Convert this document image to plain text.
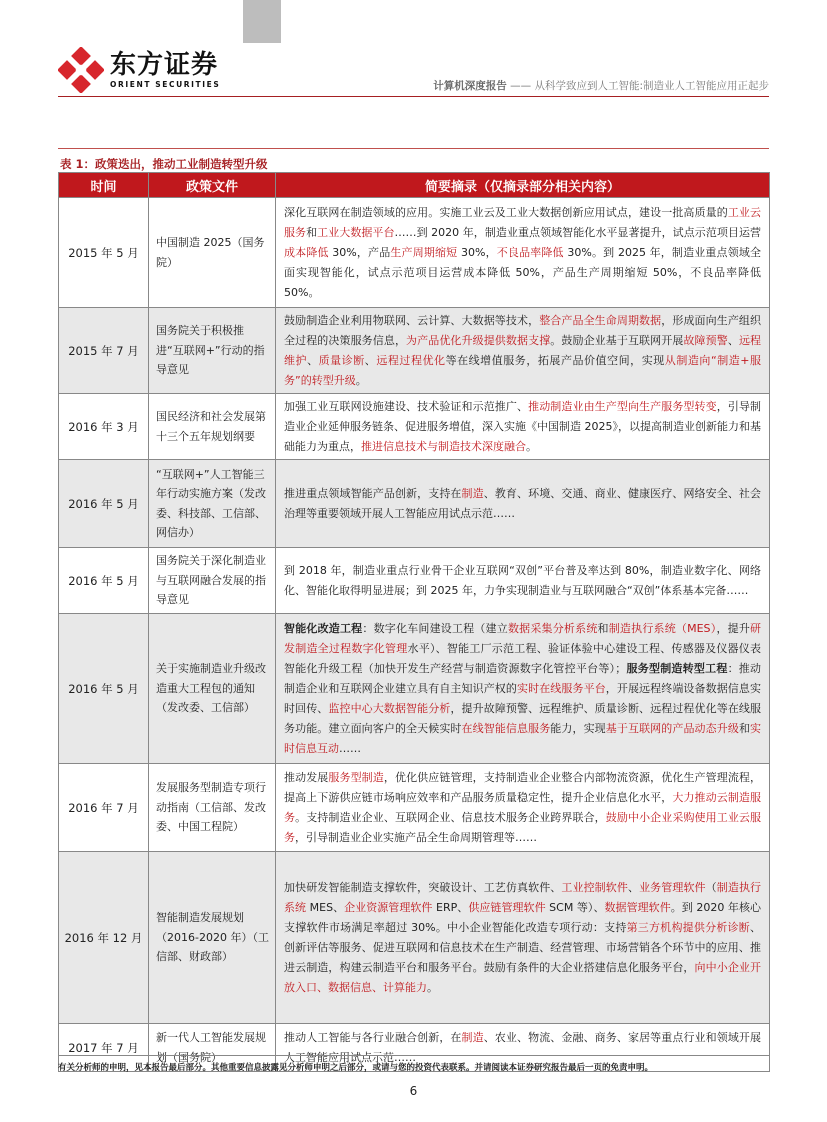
东方证券
ORIENT SECURITIES	计算机深度报告 —— 从科学致应到人工智能:制造业人工智能应用正起步
表 1：政策迭出，推动工业制造转型升级
时间	政策文件	简要摘录（仅摘录部分相关内容）
2015 年 5 月	中国制造 2025（国务院）	深化互联网在制造领域的应用。实施工业云及工业大数据创新应用试点，建设一批高质量的工业云服务和工业大数据平台……到 2020 年，制造业重点领域智能化水平显著提升，试点示范项目运营成本降低 30%，产品生产周期缩短 30%，不良品率降低 30%。到 2025 年，制造业重点领域全面实现智能化，试点示范项目运营成本降低 50%，产品生产周期缩短 50%，不良品率降低 50%。
2015 年 7 月	国务院关于积极推进“互联网+”行动的指导意见	鼓励制造企业利用物联网、云计算、大数据等技术，整合产品全生命周期数据，形成面向生产组织全过程的决策服务信息，为产品优化升级提供数据支撑。鼓励企业基于互联网开展故障预警、远程维护、质量诊断、远程过程优化等在线增值服务，拓展产品价值空间，实现从制造向“制造+服务”的转型升级。
2016 年 3 月	国民经济和社会发展第十三个五年规划纲要	加强工业互联网设施建设、技术验证和示范推广、推动制造业由生产型向生产服务型转变，引导制造业企业延伸服务链条、促进服务增值，深入实施《中国制造 2025》，以提高制造业创新能力和基础能力为重点，推进信息技术与制造技术深度融合。
2016 年 5 月	“互联网+”人工智能三年行动实施方案（发改委、科技部、工信部、网信办）	推进重点领域智能产品创新，支持在制造、教育、环境、交通、商业、健康医疗、网络安全、社会治理等重要领域开展人工智能应用试点示范……
2016 年 5 月	国务院关于深化制造业与互联网融合发展的指导意见	到 2018 年，制造业重点行业骨干企业互联网“双创”平台普及率达到 80%，制造业数字化、网络化、智能化取得明显进展；到 2025 年，力争实现制造业与互联网融合“双创”体系基本完备……
2016 年 5 月	关于实施制造业升级改造重大工程包的通知（发改委、工信部）	智能化改造工程：数字化车间建设工程（建立数据采集分析系统和制造执行系统（MES），提升研发制造全过程数字化管理水平）、智能工厂示范工程、验证体验中心建设工程、传感器及仪器仪表智能化升级工程（加快开发生产经营与制造资源数字化管控平台等）；服务型制造转型工程：推动制造企业和互联网企业建立具有自主知识产权的实时在线服务平台，开展远程终端设备数据信息实时回传、监控中心大数据智能分析，提升故障预警、远程维护、质量诊断、远程过程优化等在线服务功能。建立面向客户的全天候实时在线智能信息服务能力，实现基于互联网的产品动态升级和实时信息互动……
2016 年 7 月	发展服务型制造专项行动指南（工信部、发改委、中国工程院）	推动发展服务型制造，优化供应链管理，支持制造业企业整合内部物流资源，优化生产管理流程，提高上下游供应链市场响应效率和产品服务质量稳定性，提升企业信息化水平，大力推动云制造服务。支持制造业企业、互联网企业、信息技术服务企业跨界联合，鼓励中小企业采购使用工业云服务，引导制造业企业实施产品全生命周期管理等……
2016 年 12 月	智能制造发展规划（2016-2020 年）（工信部、财政部）	加快研发智能制造支撑软件，突破设计、工艺仿真软件、工业控制软件、业务管理软件（制造执行系统 MES、企业资源管理软件 ERP、供应链管理软件 SCM 等）、数据管理软件。到 2020 年核心支撑软件市场满足率超过 30%。中小企业智能化改造专项行动：支持第三方机构提供分析诊断、创新评估等服务、促进互联网和信息技术在生产制造、经营管理、市场营销各个环节中的应用、推进云制造，构建云制造平台和服务平台。鼓励有条件的大企业搭建信息化服务平台，向中小企业开放入口、数据信息、计算能力。
2017 年 7 月	新一代人工智能发展规划（国务院）	推动人工智能与各行业融合创新，在制造、农业、物流、金融、商务、家居等重点行业和领域开展人工智能应用试点示范……
有关分析师的申明，见本报告最后部分。其他重要信息披露见分析师申明之后部分，或请与您的投资代表联系。并请阅读本证券研究报告最后一页的免责申明。
6
